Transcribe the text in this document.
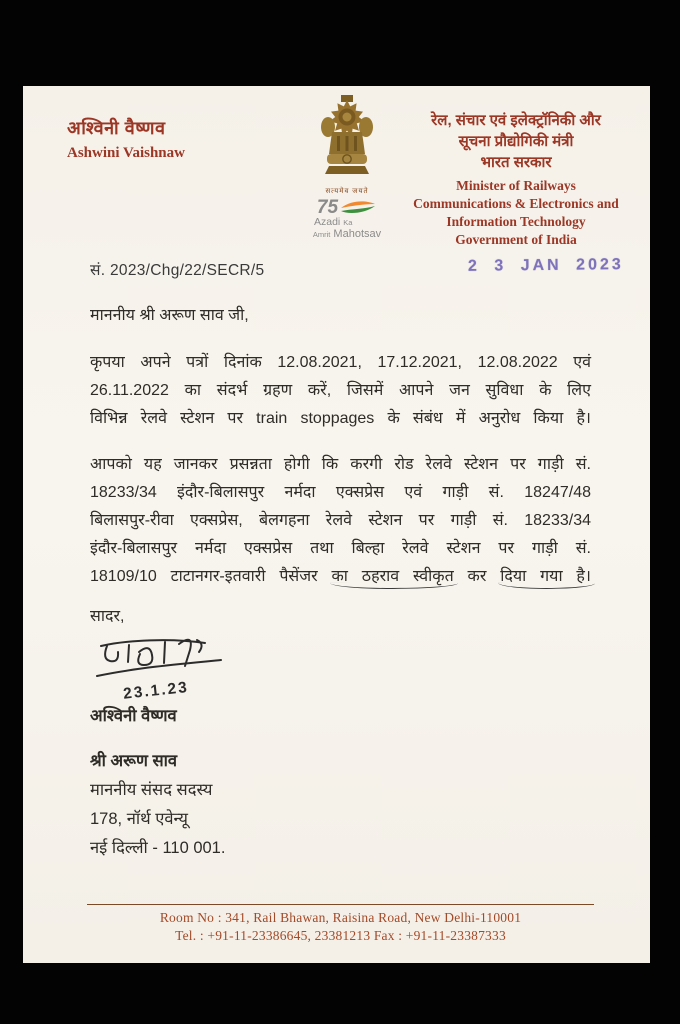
अश्विनी वैष्णव
Ashwini Vaishnaw
सत्यमेव जयते
75
Azadi Ka
Amrit Mahotsav
रेल, संचार एवं इलेक्ट्रॉनिकी और
सूचना प्रौद्योगिकी मंत्री
भारत सरकार
Minister of Railways
Communications & Electronics and
Information Technology
Government of India
सं. 2023/Chg/22/SECR/5	2 3 JAN 2023
माननीय श्री अरूण साव जी,
कृपया अपने पत्रों दिनांक 12.08.2021, 17.12.2021, 12.08.2022 एवं
26.11.2022 का संदर्भ ग्रहण करें, जिसमें आपने जन सुविधा के लिए
विभिन्न रेलवे स्टेशन पर train stoppages के संबंध में अनुरोध किया है।
आपको यह जानकर प्रसन्नता होगी कि करगी रोड रेलवे स्टेशन पर गाड़ी सं.
18233/34 इंदौर-बिलासपुर नर्मदा एक्सप्रेस एवं गाड़ी सं. 18247/48
बिलासपुर-रीवा एक्सप्रेस, बेलगहना रेलवे स्टेशन पर गाड़ी सं. 18233/34
इंदौर-बिलासपुर नर्मदा एक्सप्रेस तथा बिल्हा रेलवे स्टेशन पर गाड़ी सं.
18109/10 टाटानगर-इतवारी पैसेंजर का ठहराव स्वीकृत कर दिया गया है।
सादर,
23.1.23
अश्विनी वैष्णव
श्री अरूण साव
माननीय संसद सदस्य
178, नॉर्थ एवेन्यू
नई दिल्ली - 110 001.
Room No : 341, Rail Bhawan, Raisina Road, New Delhi-110001
Tel. : +91-11-23386645, 23381213 Fax : +91-11-23387333
